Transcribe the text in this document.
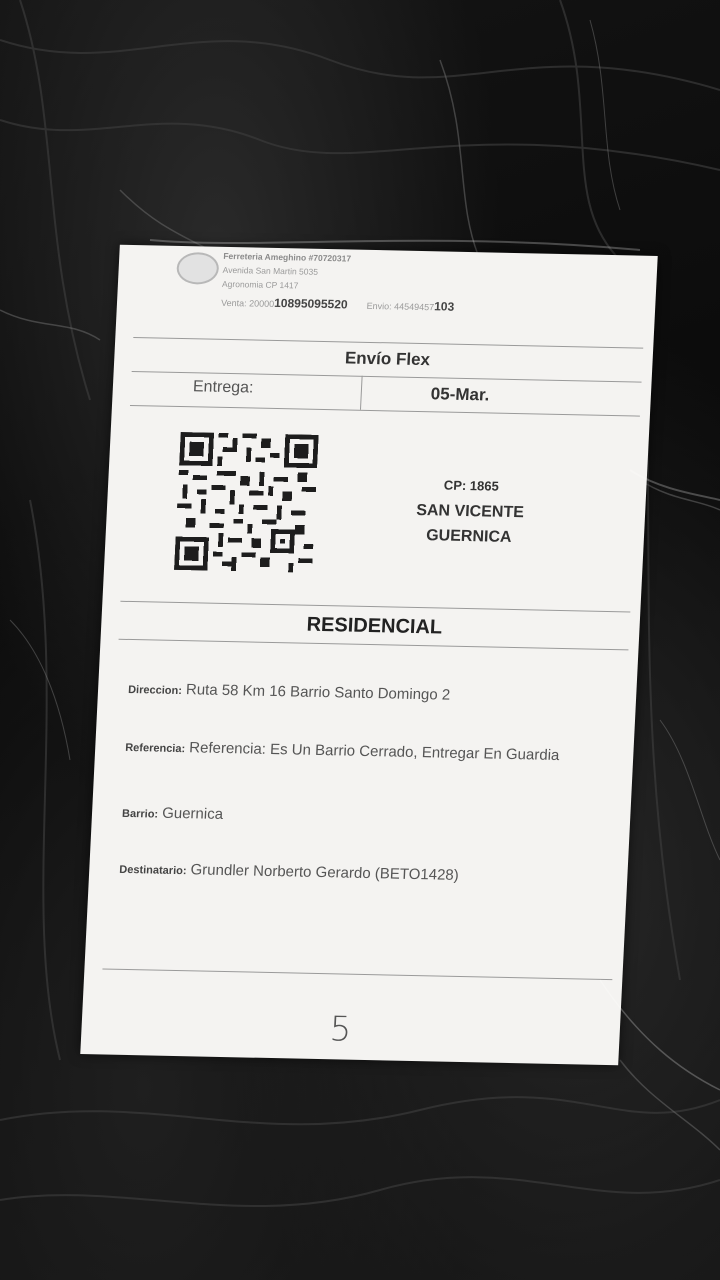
Ferreteria Ameghino #70720317
Avenida San Martin 5035
Agronomia CP 1417
Venta: 2000010895095520 Envio: 44549457103
Envío Flex
Entrega:	05-Mar.
CP: 1865
SAN VICENTE
GUERNICA
RESIDENCIAL
Direccion: Ruta 58 Km 16 Barrio Santo Domingo 2
Referencia: Referencia: Es Un Barrio Cerrado, Entregar En Guardia
Barrio: Guernica
Destinatario: Grundler Norberto Gerardo (BETO1428)
5
